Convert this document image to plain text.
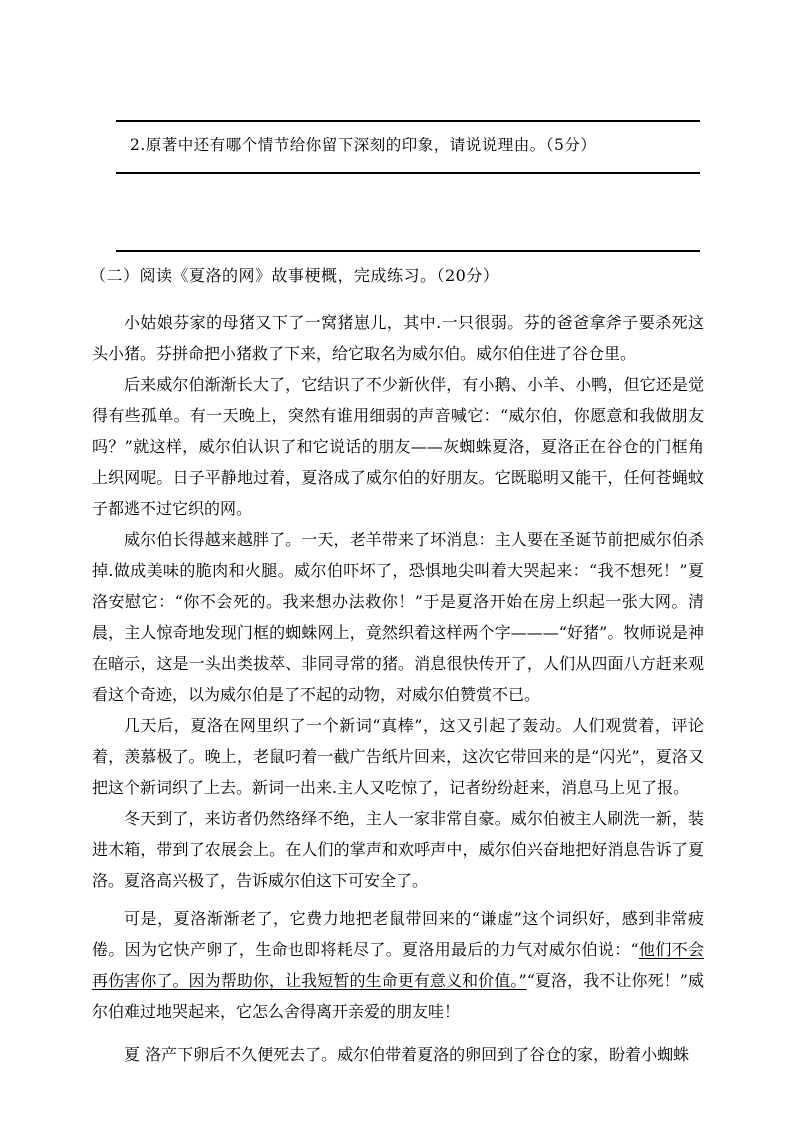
2.原著中还有哪个情节给你留下深刻的印象，请说说理由。（5分）
（二）阅读《夏洛的网》故事梗概，完成练习。（20分）

小姑娘芬家的母猪又下了一窝猪崽儿，其中.一只很弱。芬的爸爸拿斧子要杀死这头小猪。芬拼命把小猪救了下来，给它取名为威尔伯。威尔伯住进了谷仓里。

后来威尔伯渐渐长大了，它结识了不少新伙伴，有小鹅、小羊、小鸭，但它还是觉得有些孤单。有一天晚上，突然有谁用细弱的声音喊它：“威尔伯，你愿意和我做朋友吗？”就这样，威尔伯认识了和它说话的朋友——灰蜘蛛夏洛，夏洛正在谷仓的门框角上织网呢。日子平静地过着，夏洛成了威尔伯的好朋友。它既聪明又能干，任何苍蝇蚊子都逃不过它织的网。

威尔伯长得越来越胖了。一天，老羊带来了坏消息：主人要在圣诞节前把威尔伯杀掉.做成美味的脆肉和火腿。威尔伯吓坏了，恐惧地尖叫着大哭起来：“我不想死！”夏洛安慰它：“你不会死的。我来想办法救你！”于是夏洛开始在房上织起一张大网。清晨，主人惊奇地发现门框的蜘蛛网上，竟然织着这样两个字———“好猪”。牧师说是神在暗示，这是一头出类拔萃、非同寻常的猪。消息很快传开了，人们从四面八方赶来观看这个奇迹，以为威尔伯是了不起的动物，对威尔伯赞赏不已。

几天后，夏洛在网里织了一个新词“真棒”，这又引起了轰动。人们观赏着，评论着，羡慕极了。晚上，老鼠叼着一截广告纸片回来，这次它带回来的是“闪光”，夏洛又把这个新词织了上去。新词一出来.主人又吃惊了，记者纷纷赶来，消息马上见了报。

冬天到了，来访者仍然络绎不绝，主人一家非常自豪。威尔伯被主人刷洗一新，装进木箱，带到了农展会上。在人们的掌声和欢呼声中，威尔伯兴奋地把好消息告诉了夏洛。夏洛高兴极了，告诉威尔伯这下可安全了。

可是，夏洛渐渐老了，它费力地把老鼠带回来的“谦虚”这个词织好，感到非常疲倦。因为它快产卵了，生命也即将耗尽了。夏洛用最后的力气对威尔伯说：“他们不会再伤害你了。因为帮助你，让我短暂的生命更有意义和价值。”“夏洛，我不让你死！”威尔伯难过地哭起来，它怎么舍得离开亲爱的朋友哇！

夏 洛产下卵后不久便死去了。威尔伯带着夏洛的卵回到了谷仓的家，盼着小蜘蛛
